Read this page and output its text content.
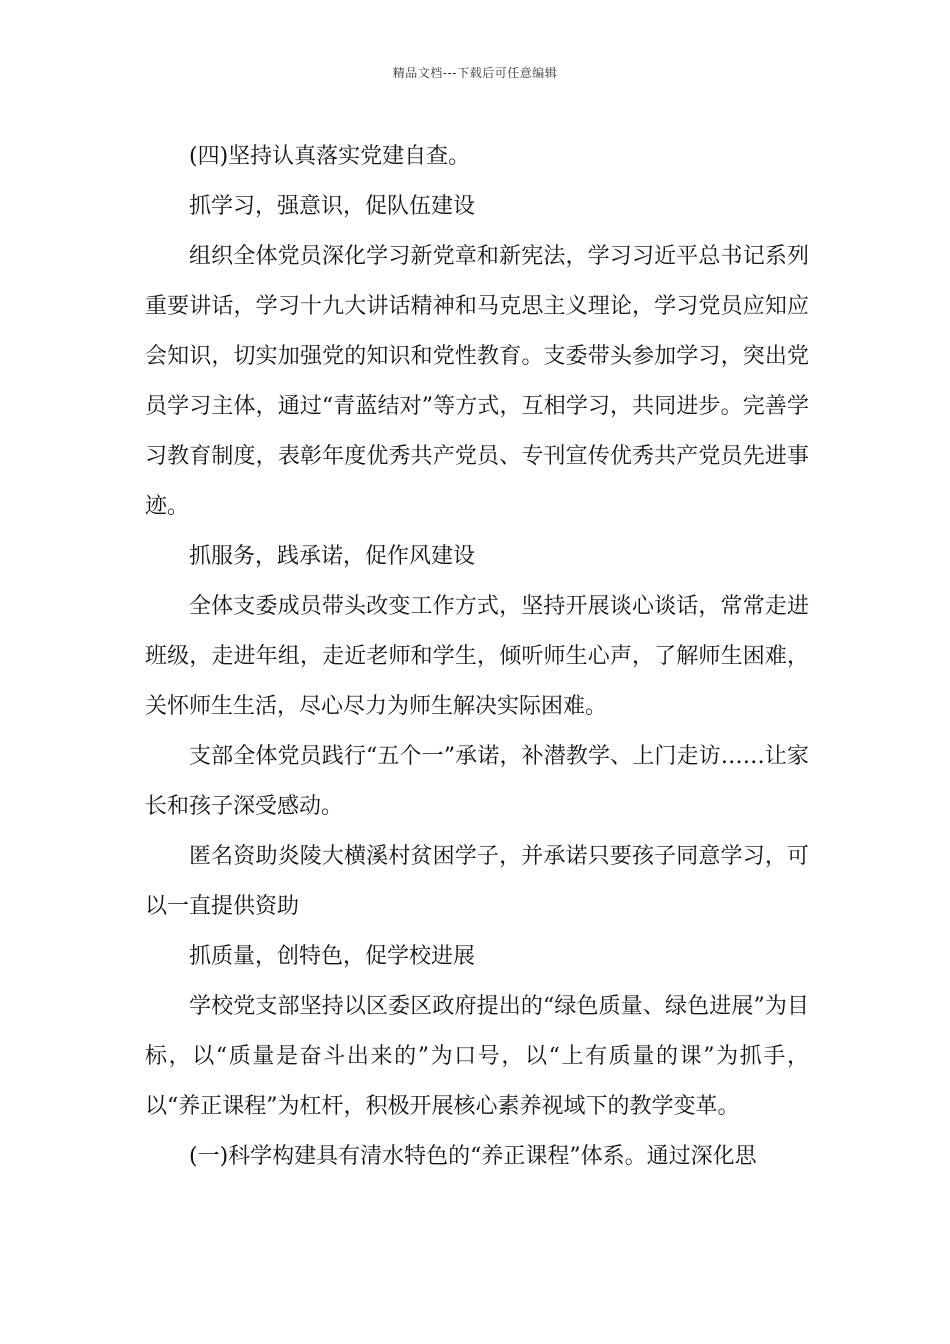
精品文档---下载后可任意编辑

(四)坚持认真落实党建自查。

抓学习，强意识，促队伍建设

组织全体党员深化学习新党章和新宪法，学习习近平总书记系列重要讲话，学习十九大讲话精神和马克思主义理论，学习党员应知应会知识，切实加强党的知识和党性教育。支委带头参加学习，突出党员学习主体，通过“青蓝结对”等方式，互相学习，共同进步。完善学习教育制度，表彰年度优秀共产党员、专刊宣传优秀共产党员先进事迹。

抓服务，践承诺，促作风建设

全体支委成员带头改变工作方式，坚持开展谈心谈话，常常走进班级，走进年组，走近老师和学生，倾听师生心声，了解师生困难，关怀师生生活，尽心尽力为师生解决实际困难。

支部全体党员践行“五个一”承诺，补潜教学、上门走访……让家长和孩子深受感动。

匿名资助炎陵大横溪村贫困学子，并承诺只要孩子同意学习，可以一直提供资助

抓质量，创特色，促学校进展

学校党支部坚持以区委区政府提出的“绿色质量、绿色进展”为目标，以“质量是奋斗出来的”为口号，以“上有质量的课”为抓手，以“养正课程”为杠杆，积极开展核心素养视域下的教学变革。

(一)科学构建具有清水特色的“养正课程”体系。通过深化思
